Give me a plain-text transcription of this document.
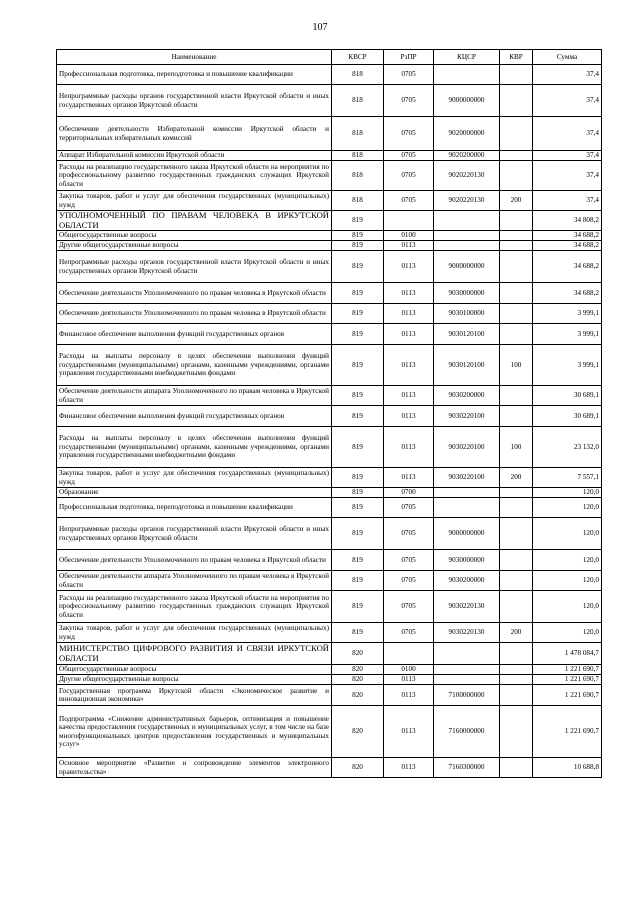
107
Наименование	КВСР	РзПР	КЦСР	КВР	Сумма
Профессиональная подготовка, переподготовка и повышение квалификации	818	0705			37,4
Непрограммные расходы органов государственной власти Иркутской области и иных государственных органов Иркутской области	818	0705	9000000000		37,4
Обеспечение деятельности Избирательной комиссии Иркутской области и территориальных избирательных комиссий	818	0705	9020000000		37,4
Аппарат Избирательной комиссии Иркутской области	818	0705	9020200000		37,4
Расходы на реализацию государственного заказа Иркутской области на мероприятия по профессиональному развитию государственных гражданских служащих Иркутской области	818	0705	9020220130		37,4
Закупка товаров, работ и услуг для обеспечения государственных (муниципальных) нужд	818	0705	9020220130	200	37,4
УПОЛНОМОЧЕННЫЙ ПО ПРАВАМ ЧЕЛОВЕКА В ИРКУТСКОЙ ОБЛАСТИ	819				34 808,2
Общегосударственные вопросы	819	0100			34 688,2
Другие общегосударственные вопросы	819	0113			34 688,2
Непрограммные расходы органов государственной власти Иркутской области и иных государственных органов Иркутской области	819	0113	9000000000		34 688,2
Обеспечение деятельности Уполномоченного по правам человека в Иркутской области	819	0113	9030000000		34 688,2
Обеспечение деятельности Уполномоченного по правам человека в Иркутской области	819	0113	9030100000		3 999,1
Финансовое обеспечение выполнения функций государственных органов	819	0113	9030120100		3 999,1
Расходы на выплаты персоналу в целях обеспечения выполнения функций государственными (муниципальными) органами, казенными учреждениями, органами управления государственными внебюджетными фондами	819	0113	9030120100	100	3 999,1
Обеспечение деятельности аппарата Уполномоченного по правам человека в Иркутской области	819	0113	9030200000		30 689,1
Финансовое обеспечение выполнения функций государственных органов	819	0113	9030220100		30 689,1
Расходы на выплаты персоналу в целях обеспечения выполнения функций государственными (муниципальными) органами, казенными учреждениями, органами управления государственными внебюджетными фондами	819	0113	9030220100	100	23 132,0
Закупка товаров, работ и услуг для обеспечения государственных (муниципальных) нужд	819	0113	9030220100	200	7 557,1
Образование	819	0700			120,0
Профессиональная подготовка, переподготовка и повышение квалификации	819	0705			120,0
Непрограммные расходы органов государственной власти Иркутской области и иных государственных органов Иркутской области	819	0705	9000000000		120,0
Обеспечение деятельности Уполномоченного по правам человека в Иркутской области	819	0705	9030000000		120,0
Обеспечение деятельности аппарата Уполномоченного по правам человека в Иркутской области	819	0705	9030200000		120,0
Расходы на реализацию государственного заказа Иркутской области на мероприятия по профессиональному развитию государственных гражданских служащих Иркутской области	819	0705	9030220130		120,0
Закупка товаров, работ и услуг для обеспечения государственных (муниципальных) нужд	819	0705	9030220130	200	120,0
МИНИСТЕРСТВО ЦИФРОВОГО РАЗВИТИЯ И СВЯЗИ ИРКУТСКОЙ ОБЛАСТИ	820				1 478 084,7
Общегосударственные вопросы	820	0100			1 221 690,7
Другие общегосударственные вопросы	820	0113			1 221 690,7
Государственная программа Иркутской области «Экономическое развитие и инновационная экономика»	820	0113	7100000000		1 221 690,7
Подпрограмма «Снижение административных барьеров, оптимизация и повышение качества предоставления государственных и муниципальных услуг, в том числе на базе многофункциональных центров предоставления государственных и муниципальных услуг»	820	0113	7160000000		1 221 690,7
Основное мероприятие «Развитие и сопровождение элементов электронного правительства»	820	0113	7160300000		10 688,8
